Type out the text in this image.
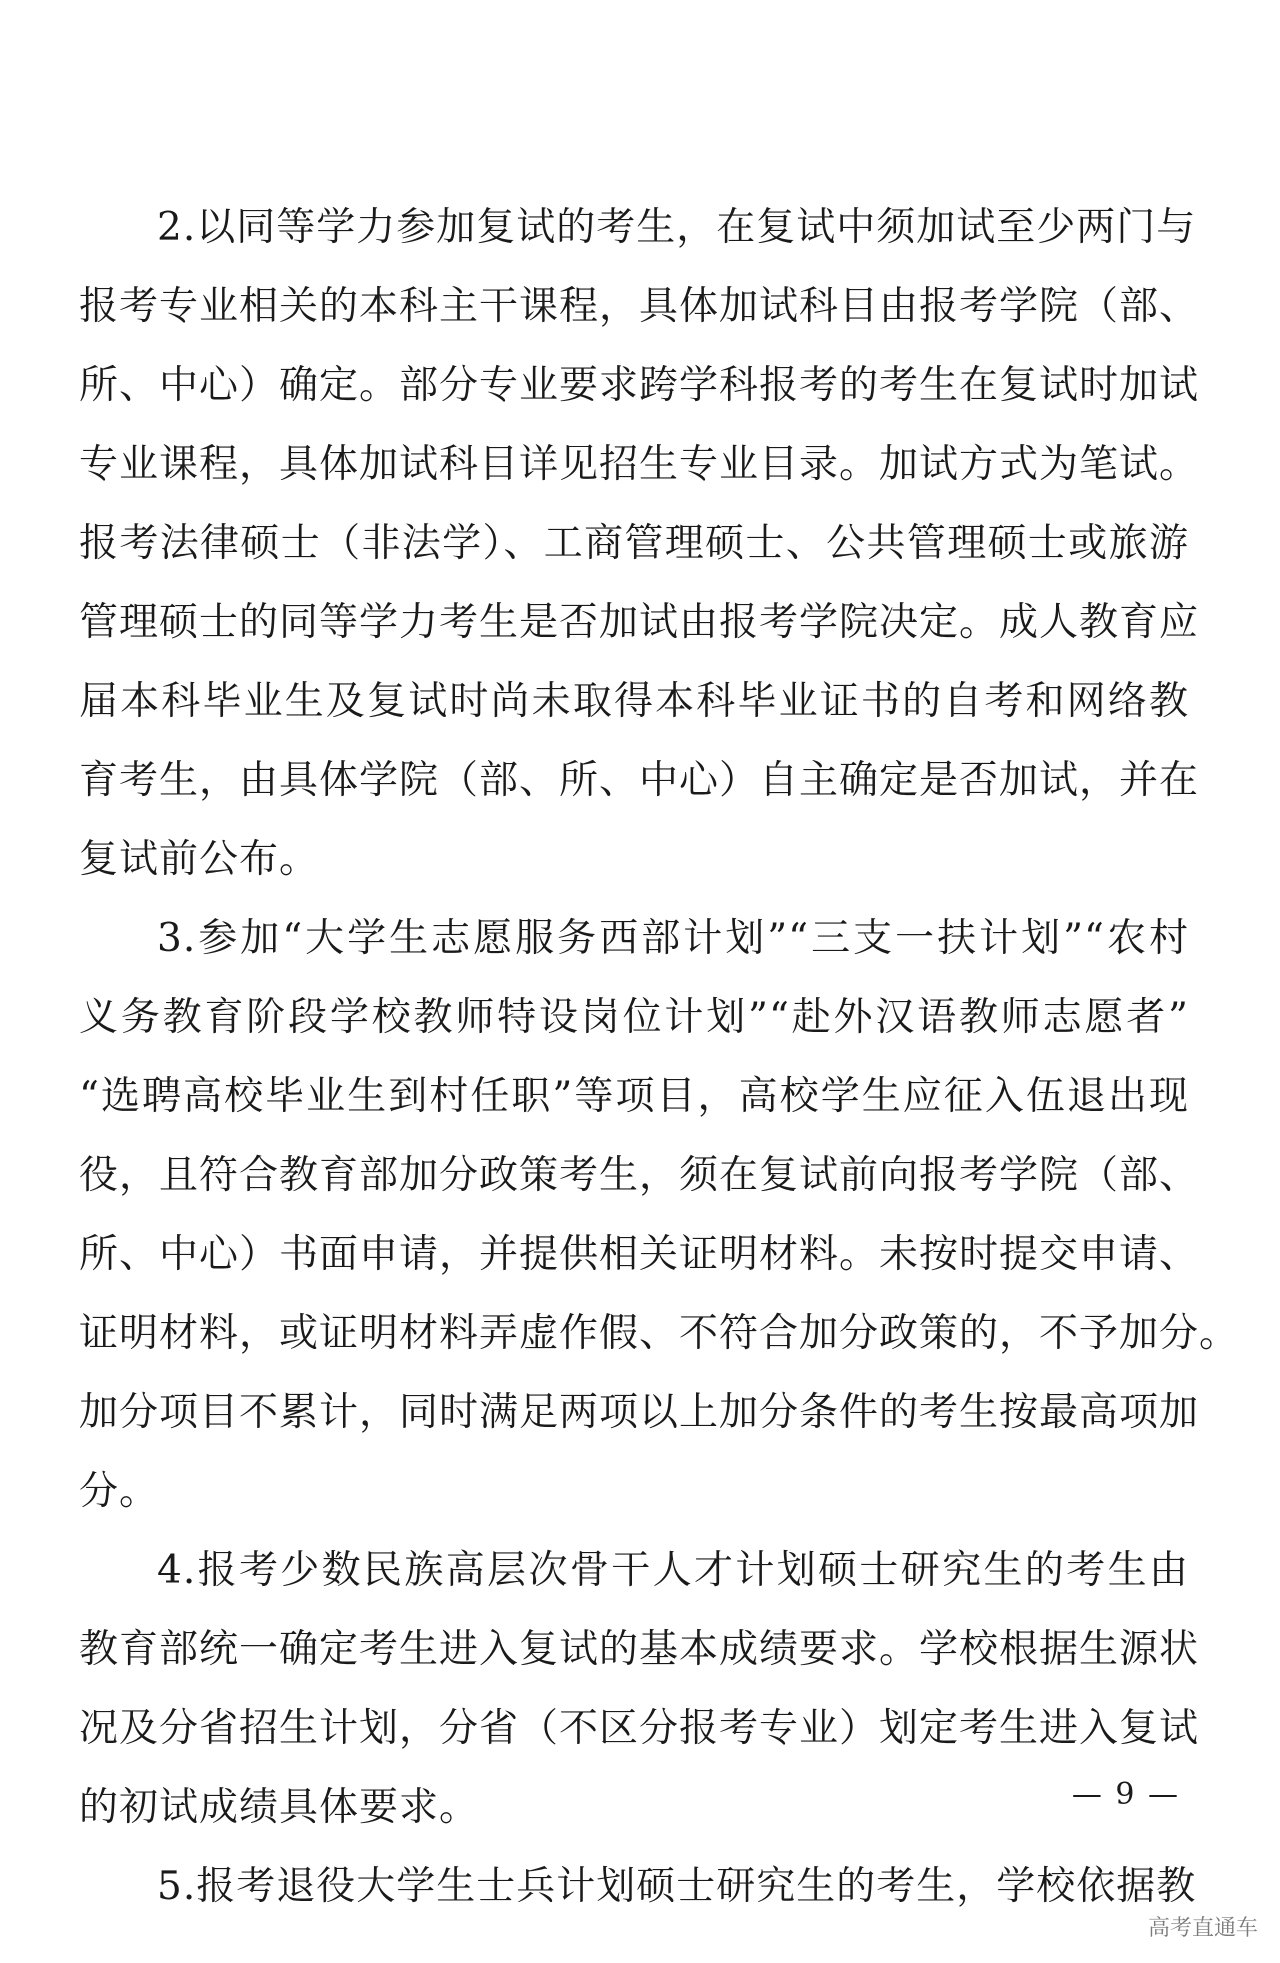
2.以同等学力参加复试的考生，在复试中须加试至少两门与
报考专业相关的本科主干课程，具体加试科目由报考学院（部、
所、中心）确定。部分专业要求跨学科报考的考生在复试时加试
专业课程，具体加试科目详见招生专业目录。加试方式为笔试。
报考法律硕士（非法学）、工商管理硕士、公共管理硕士或旅游
管理硕士的同等学力考生是否加试由报考学院决定。成人教育应
届本科毕业生及复试时尚未取得本科毕业证书的自考和网络教
育考生，由具体学院（部、所、中心）自主确定是否加试，并在
复试前公布。
3.参加“大学生志愿服务西部计划”“三支一扶计划”“农村
义务教育阶段学校教师特设岗位计划”“赴外汉语教师志愿者”
“选聘高校毕业生到村任职”等项目，高校学生应征入伍退出现
役，且符合教育部加分政策考生，须在复试前向报考学院（部、
所、中心）书面申请，并提供相关证明材料。未按时提交申请、
证明材料，或证明材料弄虚作假、不符合加分政策的，不予加分。
加分项目不累计，同时满足两项以上加分条件的考生按最高项加
分。
4.报考少数民族高层次骨干人才计划硕士研究生的考生由
教育部统一确定考生进入复试的基本成绩要求。学校根据生源状
况及分省招生计划，分省（不区分报考专业）划定考生进入复试
的初试成绩具体要求。
5.报考退役大学生士兵计划硕士研究生的考生，学校依据教
— 9 —
高考直通车
